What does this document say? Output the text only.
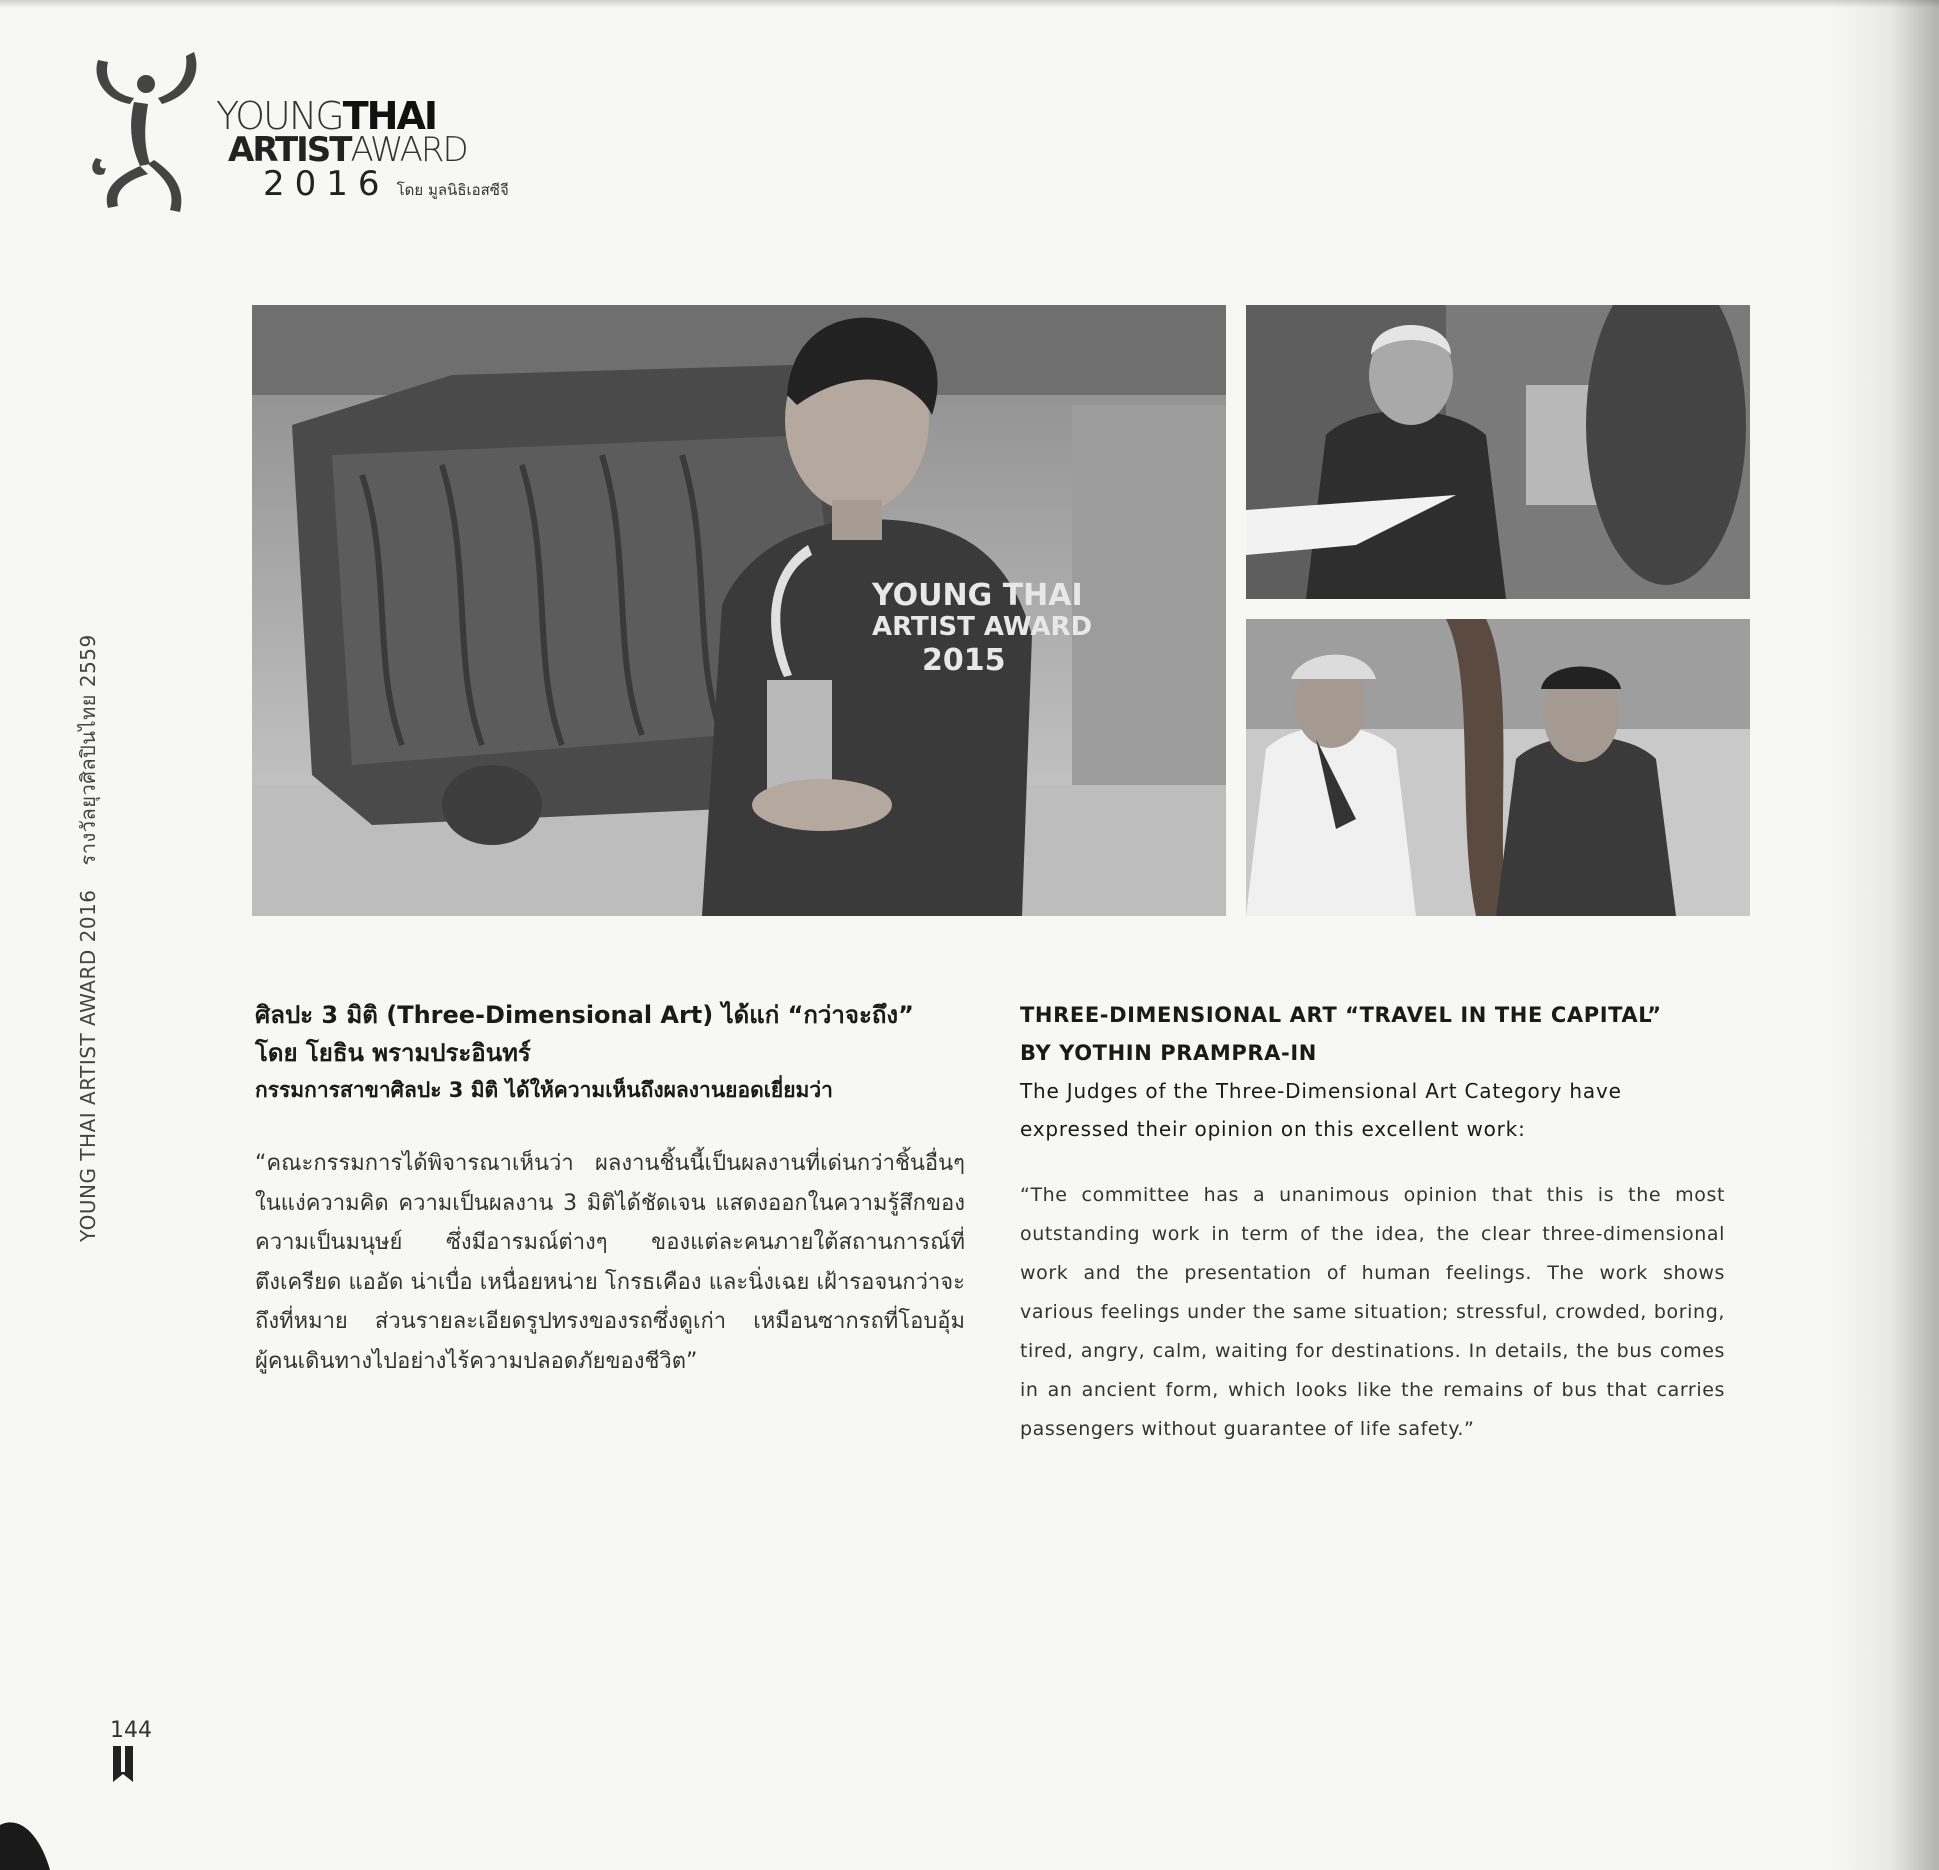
YOUNGTHAI
ARTISTAWARD
2016 โดย มูลนิธิเอสซีจี
YOUNG THAI ARTIST AWARD 2016รางวัลยุวศิลปินไทย 2559
YOUNG THAI
ARTIST AWARD
2015

ศิลปะ 3 มิติ (Three-Dimensional Art) ได้แก่ “กว่าจะถึง”

โดย โยธิน พรามประอินทร์

กรรมการสาขาศิลปะ 3 มิติ ได้ให้ความเห็นถึงผลงานยอดเยี่ยมว่า

“คณะกรรมการได้พิจารณาเห็นว่า ผลงานชิ้นนี้เป็นผลงานที่เด่นกว่าชิ้นอื่นๆ ในแง่ความคิด ความเป็นผลงาน 3 มิติได้ชัดเจน แสดงออกในความรู้สึกของความเป็นมนุษย์ ซึ่งมีอารมณ์ต่างๆ ของแต่ละคนภายใต้สถานการณ์ที่ตึงเครียด แออัด น่าเบื่อ เหนื่อยหน่าย โกรธเคือง และนิ่งเฉย เฝ้ารอจนกว่าจะถึงที่หมาย ส่วนรายละเอียดรูปทรงของรถซึ่งดูเก่า เหมือนซากรถที่โอบอุ้มผู้คนเดินทางไปอย่างไร้ความปลอดภัยของชีวิต”

THREE-DIMENSIONAL ART “TRAVEL IN THE CAPITAL”

BY YOTHIN PRAMPRA-IN

The Judges of the Three-Dimensional Art Category have expressed their opinion on this excellent work:

“The committee has a unanimous opinion that this is the most outstanding work in term of the idea, the clear three-dimensional work and the presentation of human feelings. The work shows various feelings under the same situation; stressful, crowded, boring, tired, angry, calm, waiting for destinations. In details, the bus comes in an ancient form, which looks like the remains of bus that carries passengers without guarantee of life safety.”
144
